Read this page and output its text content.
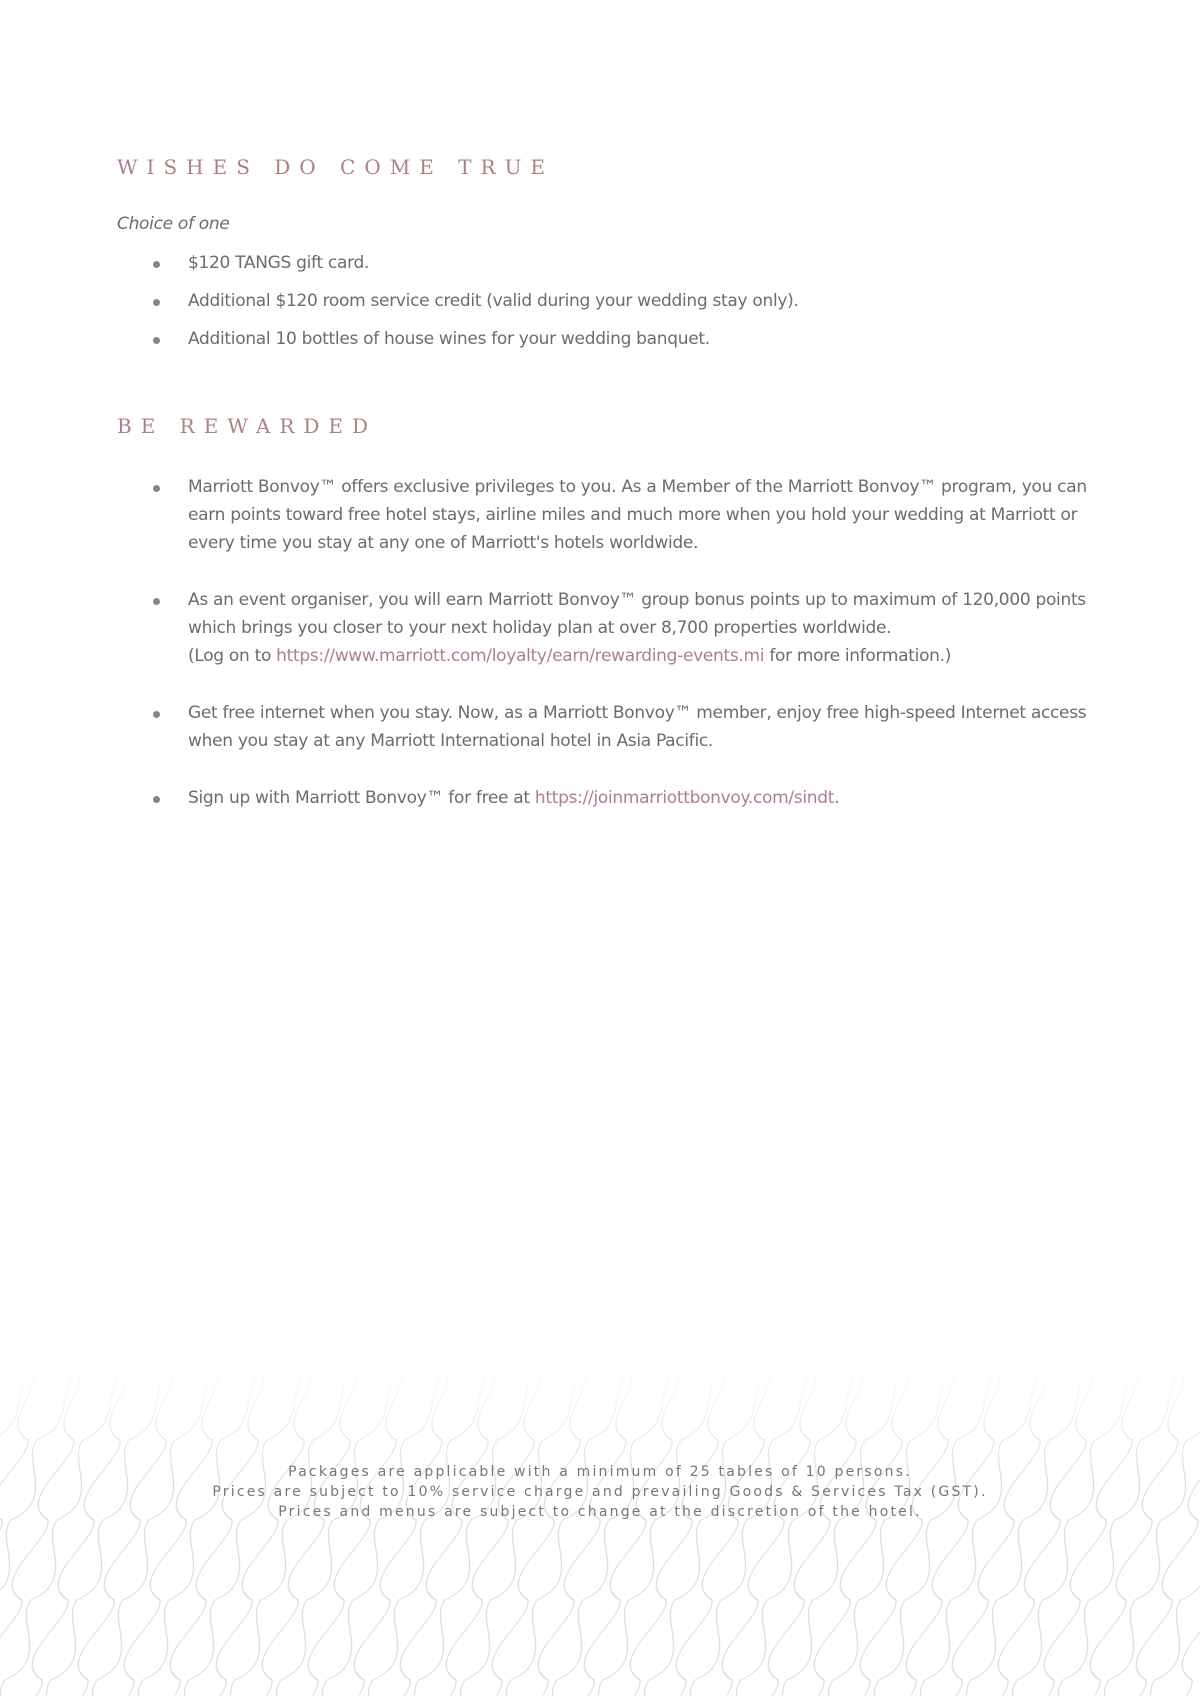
WISHES DO COME TRUE

Choice of one

$120 TANGS gift card.
Additional $120 room service credit (valid during your wedding stay only).
Additional 10 bottles of house wines for your wedding banquet.
BE REWARDED
Marriott Bonvoy™ offers exclusive privileges to you. As a Member of the Marriott Bonvoy™ program, you can earn points toward free hotel stays, airline miles and much more when you hold your wedding at Marriott or every time you stay at any one of Marriott's hotels worldwide.
As an event organiser, you will earn Marriott Bonvoy™ group bonus points up to maximum of 120,000 points which brings you closer to your next holiday plan at over 8,700 properties worldwide.
(Log on to https://www.marriott.com/loyalty/earn/rewarding-events.mi for more information.)
Get free internet when you stay. Now, as a Marriott Bonvoy™ member, enjoy free high-speed Internet access when you stay at any Marriott International hotel in Asia Pacific.
Sign up with Marriott Bonvoy™ for free at https://joinmarriottbonvoy.com/sindt.
Packages are applicable with a minimum of 25 tables of 10 persons.
Prices are subject to 10% service charge and prevailing Goods & Services Tax (GST).
Prices and menus are subject to change at the discretion of the hotel.
